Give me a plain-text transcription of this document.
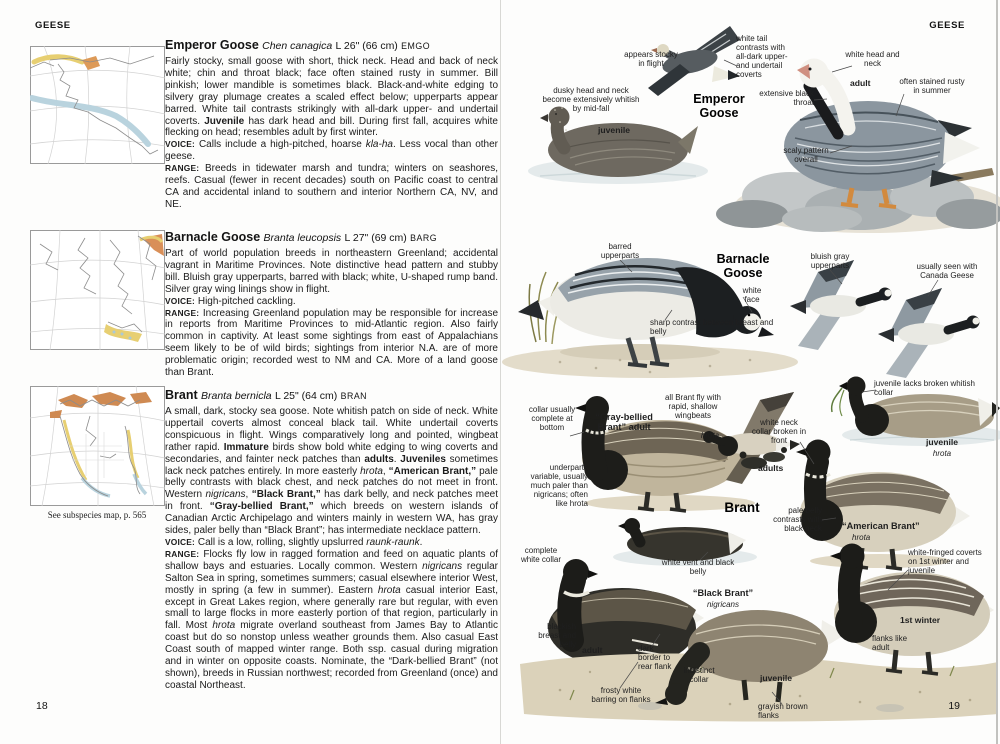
GEESE
See subspecies map, p. 565
Emperor Goose Chen canagica L 26" (66 cm) EMGO

Fairly stocky, small goose with short, thick neck. Head and back of neck white; chin and throat black; face often stained rusty in summer. Bill pinkish; lower mandible is sometimes black. Black-and-white edging to silvery gray plumage creates a scaled effect below; upperparts appear barred. White tail contrasts strikingly with all-dark upper- and undertail coverts. Juvenile has dark head and bill. During first fall, acquires white flecking on head; resembles adult by first winter.

VOICE: Calls include a high-pitched, hoarse kla-ha. Less vocal than other geese.

RANGE: Breeds in tidewater marsh and tundra; winters on seashores, reefs. Casual (fewer in recent decades) south on Pacific coast to central CA and accidental inland to southern and interior Northern CA, NV, and NE.

Barnacle Goose Branta leucopsis L 27" (69 cm) BARG

Part of world population breeds in northeastern Greenland; accidental vagrant in Maritime Provinces. Note distinctive head pattern and stubby bill. Bluish gray upperparts, barred with black; white, U-shaped rump band. Silver gray wing linings show in flight.

VOICE: High-pitched cackling.

RANGE: Increasing Greenland population may be responsible for increase in reports from Maritime Provinces to mid-Atlantic region. Also fairly common in captivity. At least some sightings from east of Appalachians seem likely to be of wild birds; sightings from interior N.A. are of more problematic origin; recorded west to NM and CA. More of a land goose than Brant.

Brant Branta bernicla L 25" (64 cm) BRAN

A small, dark, stocky sea goose. Note whitish patch on side of neck. White uppertail coverts almost conceal black tail. White undertail coverts conspicuous in flight. Wings comparatively long and pointed, wingbeat rather rapid. Immature birds show bold white edging to wing coverts and secondaries, and fainter neck patches than adults. Juveniles sometimes lack neck patches entirely. In more easterly hrota, “American Brant,” pale belly contrasts with black chest, and neck patches do not meet in front. Western nigricans, “Black Brant,” has dark belly, and neck patches meet in front. “Gray-bellied Brant,” which breeds on western islands of Canadian Arctic Archipelago and winters mainly in western WA, has gray sides, paler belly than “Black Brant”; has intermediate necklace pattern.

VOICE: Call is a low, rolling, slightly upslurred raunk-raunk.

RANGE: Flocks fly low in ragged formation and feed on aquatic plants of shallow bays and estuaries. Locally common. Western nigricans regular Salton Sea in spring, sometimes summers; casual elsewhere interior West, mostly in spring (a few in summer). Eastern hrota casual interior East, except in Great Lakes region, where generally rare but regular, with even small to large flocks in more easterly portion of that region, particularly in fall. Most hrota migrate overland southeast from James Bay to Atlantic coast but do so nonstop unless weather grounds them. Also casual East Coast south of mapped winter range. Both ssp. casual during migration and in winter on opposite coasts. Nominate, the “Dark-bellied Brant” (not shown), breeds in Russian northwest; recorded from Greenland (once) and coastal Northeast.

18
Emperor Goose
Barnacle Goose
Brant
appears stocky in flight
white tail contrasts with all-dark upper- and undertail coverts
dusky head and neck become extensively whitish by mid-fall
juvenile
white head and neck
adult	often stained rusty in summer
extensive black throat
scaly pattern overall
barred upperparts
white face
sharp contrast between breast and belly
bluish gray upperparts	usually seen with Canada Geese
collar usually complete at bottom
“Gray-bellied Brant” adult
all Brant fly with rapid, shallow wingbeats
hrota
juvenile lacks broken whitish collar
white neck collar broken in front
adults
juvenile
hrota
underparts variable, usually much paler than nigricans; often like hrota
pale belly contrasts with black neck “American Brant”
hrota
complete white collar	white vent and black belly
“Black Brant”
nigricans
white-fringed coverts on 1st winter and juvenile
blackish breast and belly
adult	dark border to rear flank	indistinct collar
1st winter
flanks like adult
juvenile
frosty white barring on flanks
grayish brown flanks
GEESE
19
